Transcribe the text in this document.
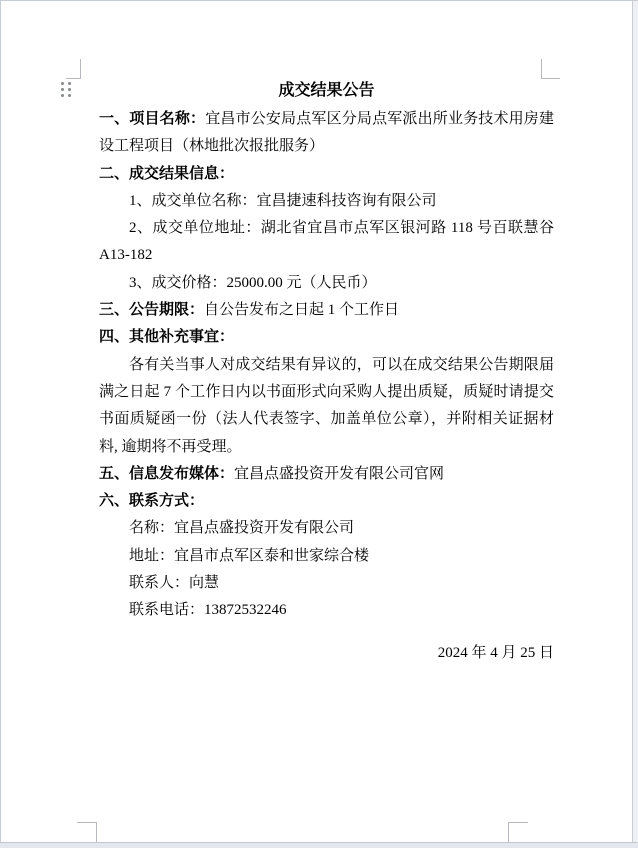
成交结果公告

一、项目名称：宜昌市公安局点军区分局点军派出所业务技术用房建设工程项目（林地批次报批服务）

二、成交结果信息：

1、成交单位名称：宜昌捷速科技咨询有限公司

2、成交单位地址：湖北省宜昌市点军区银河路 118 号百联慧谷 A13-182

3、成交价格：25000.00 元（人民币）

三、公告期限：自公告发布之日起 1 个工作日

四、其他补充事宜：

各有关当事人对成交结果有异议的，可以在成交结果公告期限届满之日起 7 个工作日内以书面形式向采购人提出质疑，质疑时请提交书面质疑函一份（法人代表签字、加盖单位公章），并附相关证据材料, 逾期将不再受理。

五、信息发布媒体：宜昌点盛投资开发有限公司官网

六、联系方式：

名称：宜昌点盛投资开发有限公司

地址：宜昌市点军区泰和世家综合楼

联系人：向慧

联系电话：13872532246

2024 年 4 月 25 日
